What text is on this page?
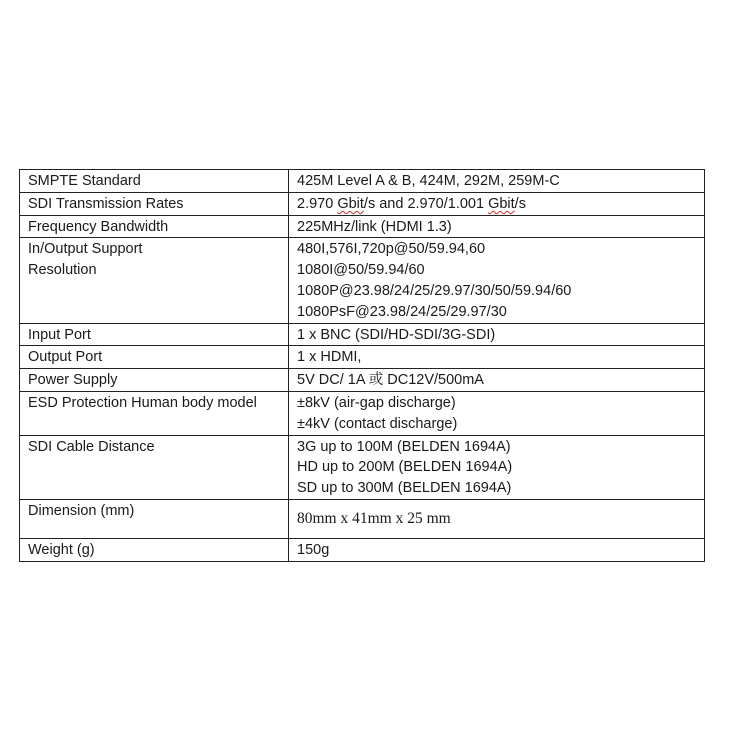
SMPTE Standard	425M Level A & B, 424M, 292M, 259M-C

SDI Transmission Rates	2.970 Gbit/s and 2.970/1.001 Gbit/s

Frequency Bandwidth	225MHz/link (HDMI 1.3)

In/Output Support
Resolution	480I,576I,720p@50/59.94,60
1080I@50/59.94/60
1080P@23.98/24/25/29.97/30/50/59.94/60
1080PsF@23.98/24/25/29.97/30

Input Port	1 x BNC (SDI/HD-SDI/3G-SDI)

Output Port	1 x HDMI,

Power Supply	5V DC/ 1A 或 DC12V/500mA

ESD Protection Human body model	±8kV (air-gap discharge)
±4kV (contact discharge)

SDI Cable Distance	3G up to 100M (BELDEN 1694A)
HD up to 200M (BELDEN 1694A)
SD up to 300M (BELDEN 1694A)

Dimension (mm)	80mm x 41mm x 25 mm

Weight (g)	150g
